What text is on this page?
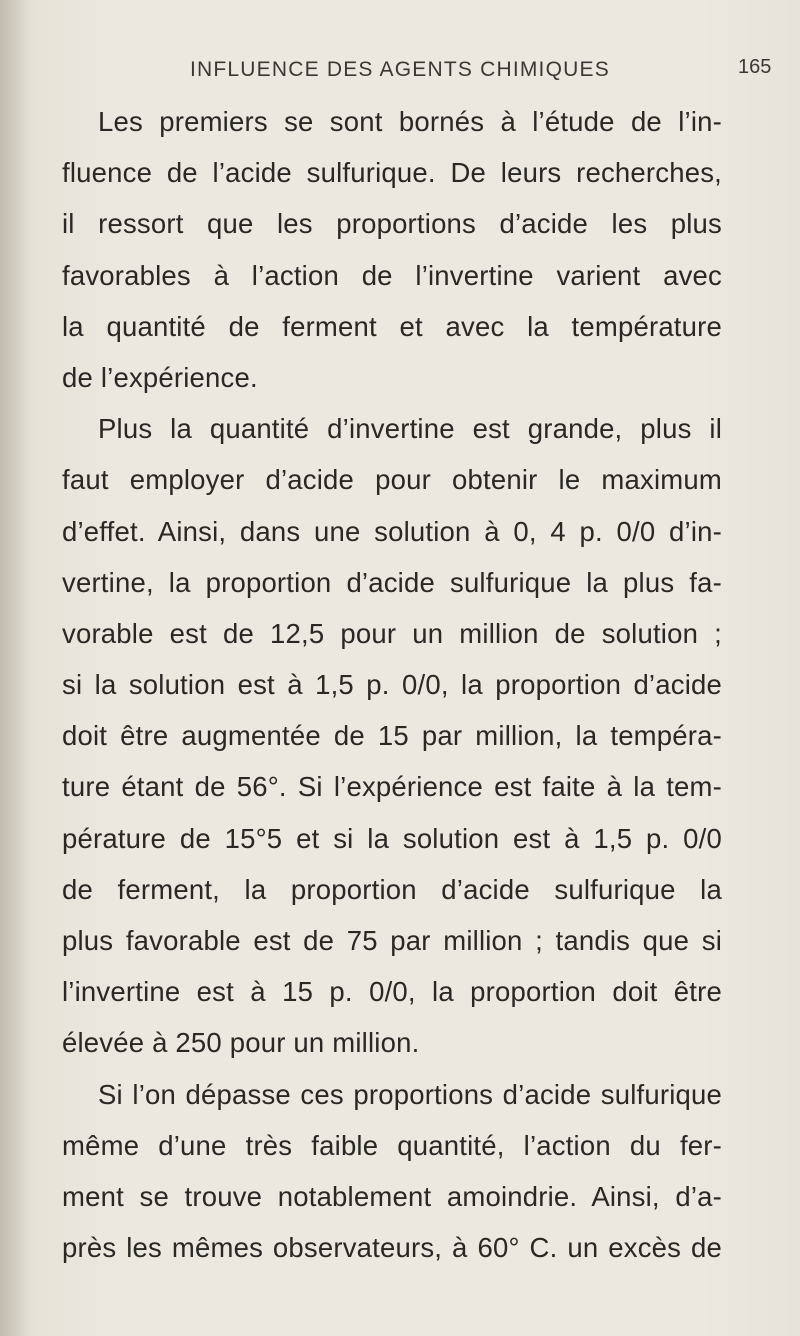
INFLUENCE DES AGENTS CHIMIQUES	165
Les premiers se sont bornés à l’étude de l’in-
fluence de l’acide sulfurique. De leurs recherches,
il ressort que les proportions d’acide les plus
favorables à l’action de l’invertine varient avec
la quantité de ferment et avec la température
de l’expérience.
Plus la quantité d’invertine est grande, plus il
faut employer d’acide pour obtenir le maximum
d’effet. Ainsi, dans une solution à 0, 4 p. 0/0 d’in-
vertine, la proportion d’acide sulfurique la plus fa-
vorable est de 12,5 pour un million de solution ;
si la solution est à 1,5 p. 0/0, la proportion d’acide
doit être augmentée de 15 par million, la tempéra-
ture étant de 56°. Si l’expérience est faite à la tem-
pérature de 15°5 et si la solution est à 1,5 p. 0/0
de ferment, la proportion d’acide sulfurique la
plus favorable est de 75 par million ; tandis que si
l’invertine est à 15 p. 0/0, la proportion doit être
élevée à 250 pour un million.
Si l’on dépasse ces proportions d’acide sulfurique
même d’une très faible quantité, l’action du fer-
ment se trouve notablement amoindrie. Ainsi, d’a-
près les mêmes observateurs, à 60° C. un excès de
